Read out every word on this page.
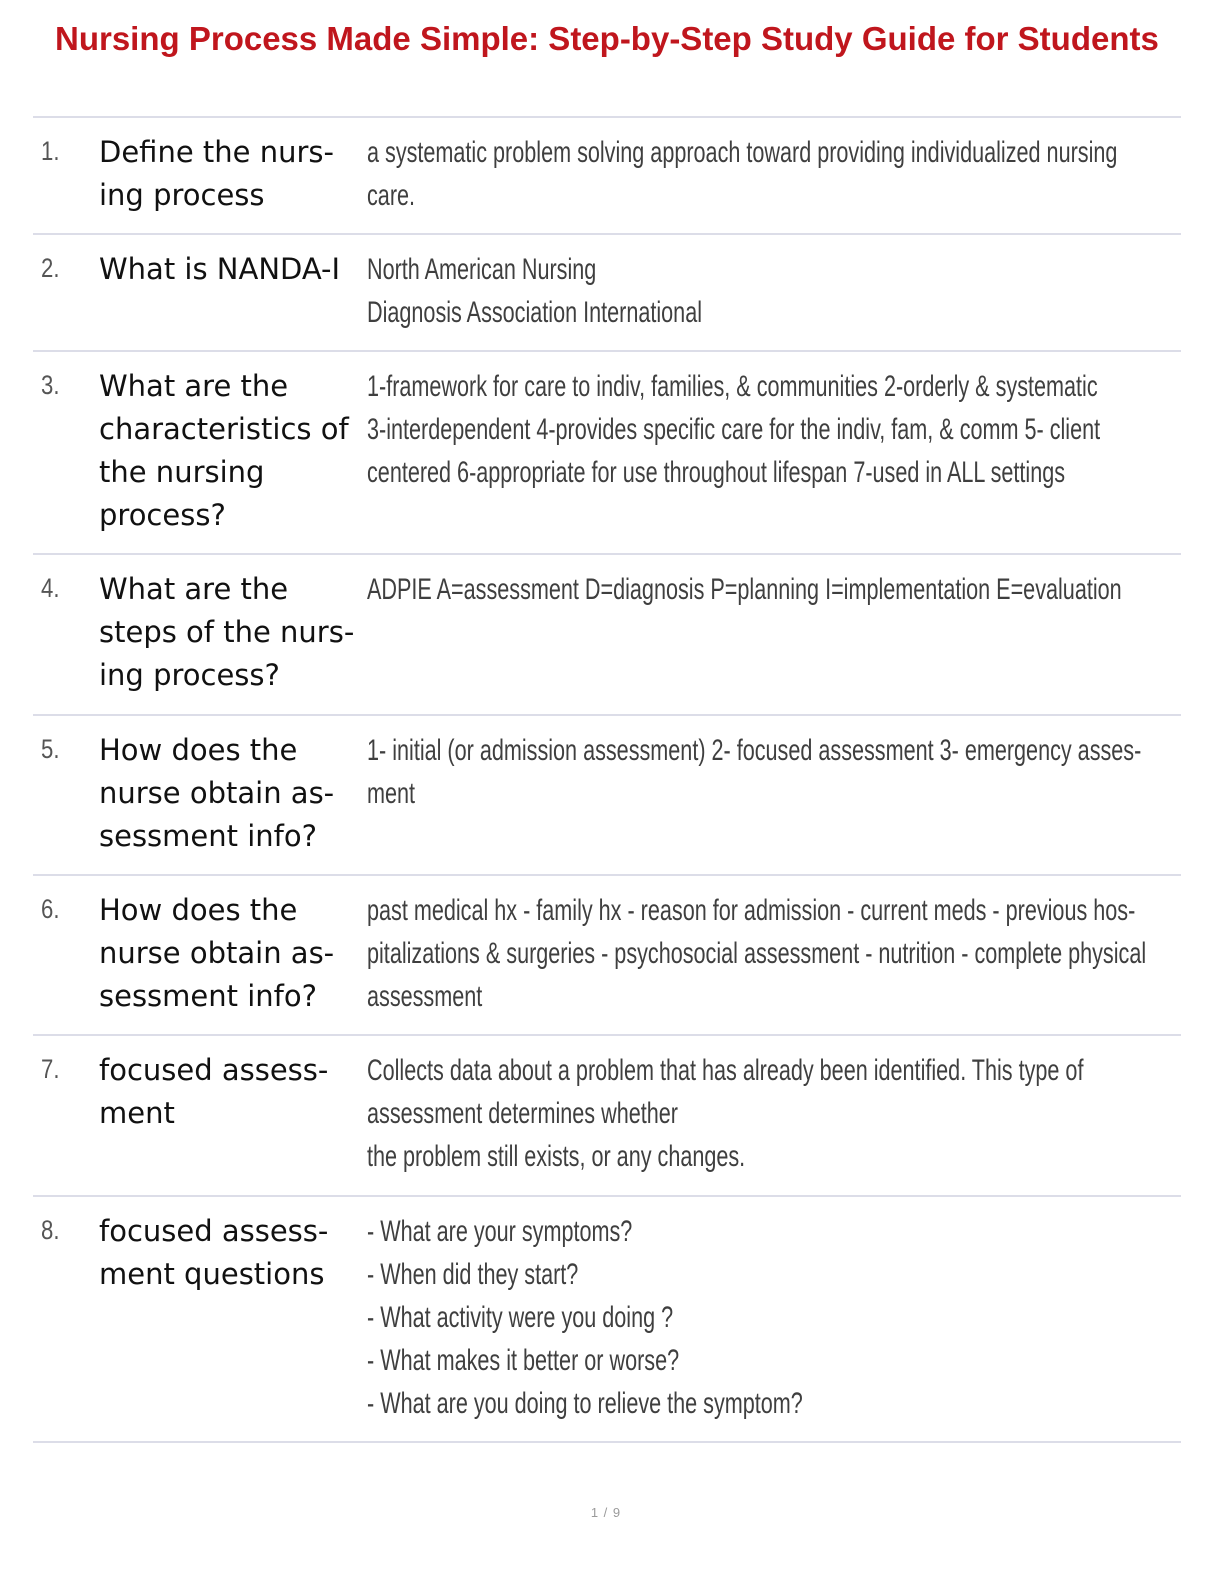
Nursing Process Made Simple: Step-by-Step Study Guide for Students
1. Define the nurs-
ing process
a systematic problem solving approach toward providing individualized nursing
care.
2. What is NANDA-I North American Nursing
Diagnosis Association International
3. What are the
characteristics of
the nursing
process?
1-framework for care to indiv, families, & communities 2-orderly & systematic
3-interdependent 4-provides specific care for the indiv, fam, & comm 5- client
centered 6-appropriate for use throughout lifespan 7-used in ALL settings
4. What are the
steps of the nurs-
ing process?
ADPIE A=assessment D=diagnosis P=planning I=implementation E=evaluation
5. How does the
nurse obtain as-
sessment info?
1- initial (or admission assessment) 2- focused assessment 3- emergency asses-
ment
6. How does the
nurse obtain as-
sessment info?
past medical hx - family hx - reason for admission - current meds - previous hos-
pitalizations & surgeries - psychosocial assessment - nutrition - complete physical
assessment
7. focused assess-
ment
Collects data about a problem that has already been identified. This type of
assessment determines whether
the problem still exists, or any changes.
8. focused assess-
ment questions
- What are your symptoms?
- When did they start?
- What activity were you doing ?
- What makes it better or worse?
- What are you doing to relieve the symptom?
1 / 9
